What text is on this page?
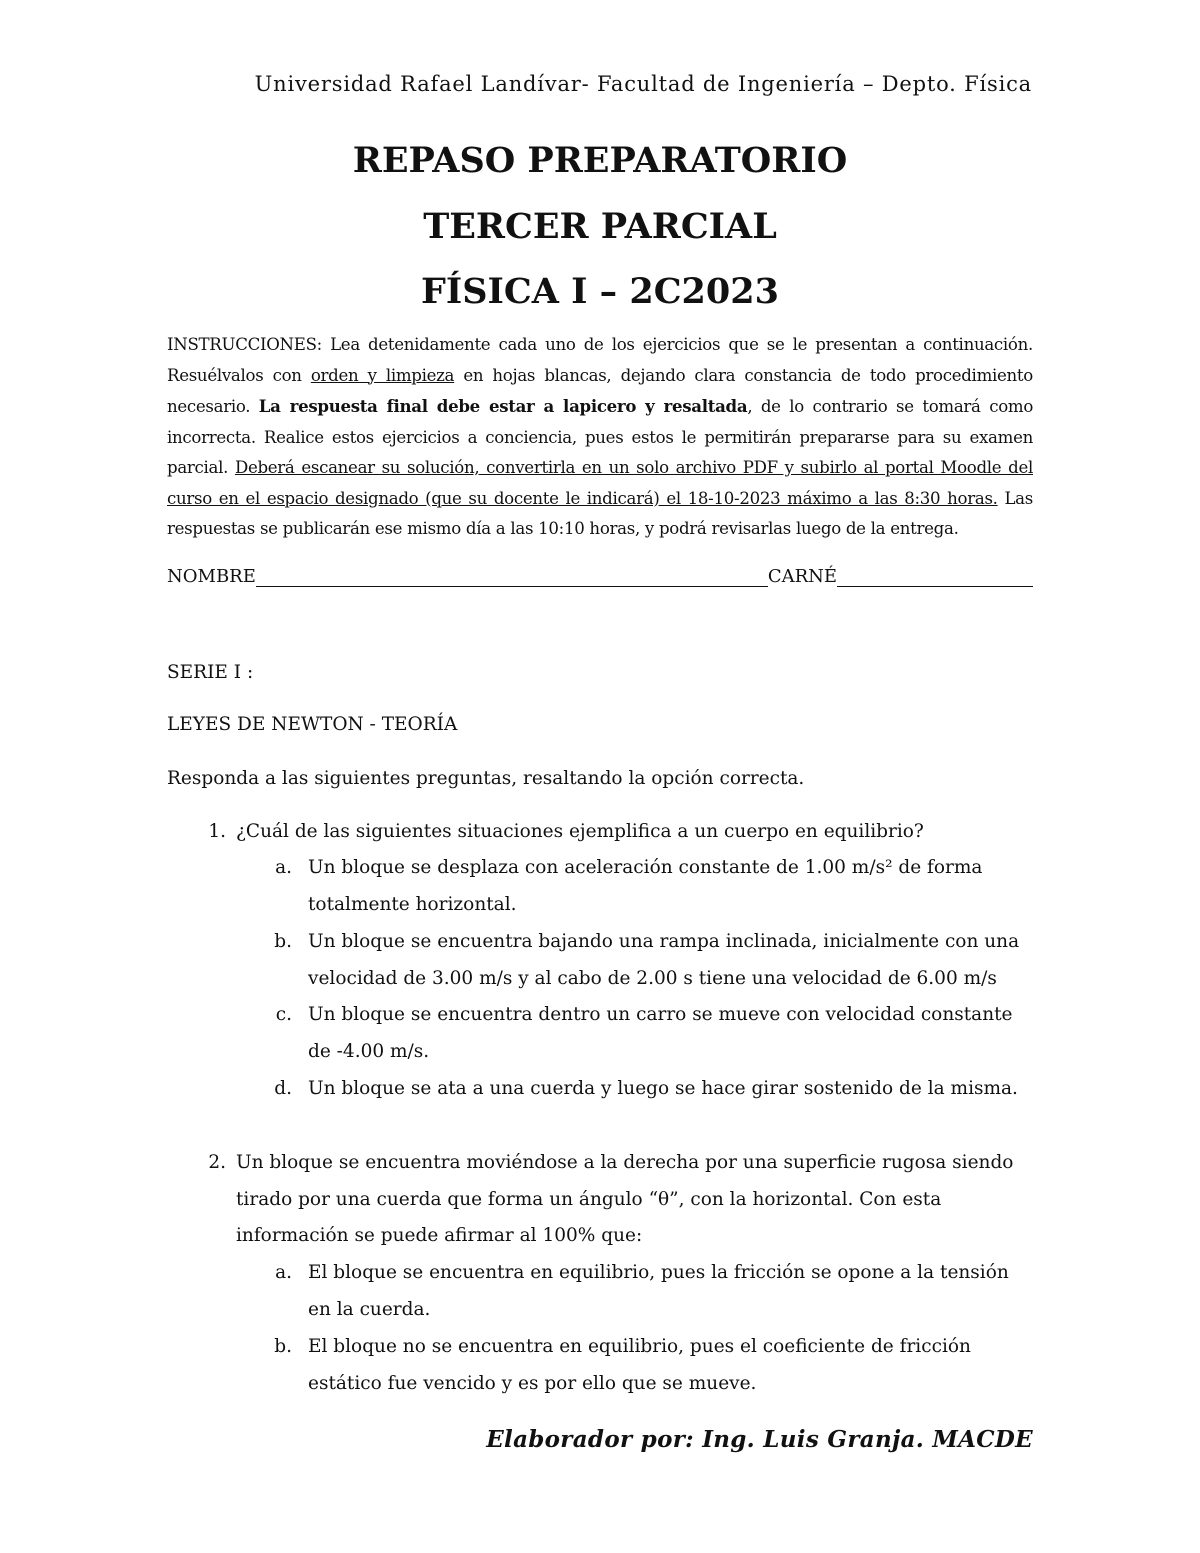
Universidad Rafael Landívar- Facultad de Ingeniería – Depto. Física
REPASO PREPARATORIO
TERCER PARCIAL
FÍSICA I – 2C2023
INSTRUCCIONES: Lea detenidamente cada uno de los ejercicios que se le presentan a continuación. Resuélvalos con orden y limpieza en hojas blancas, dejando clara constancia de todo procedimiento necesario. La respuesta final debe estar a lapicero y resaltada, de lo contrario se tomará como incorrecta. Realice estos ejercicios a conciencia, pues estos le permitirán prepararse para su examen parcial. Deberá escanear su solución, convertirla en un solo archivo PDF y subirlo al portal Moodle del curso en el espacio designado (que su docente le indicará) el 18-10-2023 máximo a las 8:30 horas. Las respuestas se publicarán ese mismo día a las 10:10 horas, y podrá revisarlas luego de la entrega.
NOMBRE	CARNÉ
SERIE I :
LEYES DE NEWTON - TEORÍA
Responda a las siguientes preguntas, resaltando la opción correcta.
1. ¿Cuál de las siguientes situaciones ejemplifica a un cuerpo en equilibrio?
a. Un bloque se desplaza con aceleración constante de 1.00 m/s² de forma
totalmente horizontal.
b. Un bloque se encuentra bajando una rampa inclinada, inicialmente con una
velocidad de 3.00 m/s y al cabo de 2.00 s tiene una velocidad de 6.00 m/s
c. Un bloque se encuentra dentro un carro se mueve con velocidad constante
de -4.00 m/s.
d. Un bloque se ata a una cuerda y luego se hace girar sostenido de la misma.
2. Un bloque se encuentra moviéndose a la derecha por una superficie rugosa siendo
tirado por una cuerda que forma un ángulo “θ”, con la horizontal. Con esta
información se puede afirmar al 100% que:
a. El bloque se encuentra en equilibrio, pues la fricción se opone a la tensión
en la cuerda.
b. El bloque no se encuentra en equilibrio, pues el coeficiente de fricción
estático fue vencido y es por ello que se mueve.
Elaborador por: Ing. Luis Granja. MACDE
